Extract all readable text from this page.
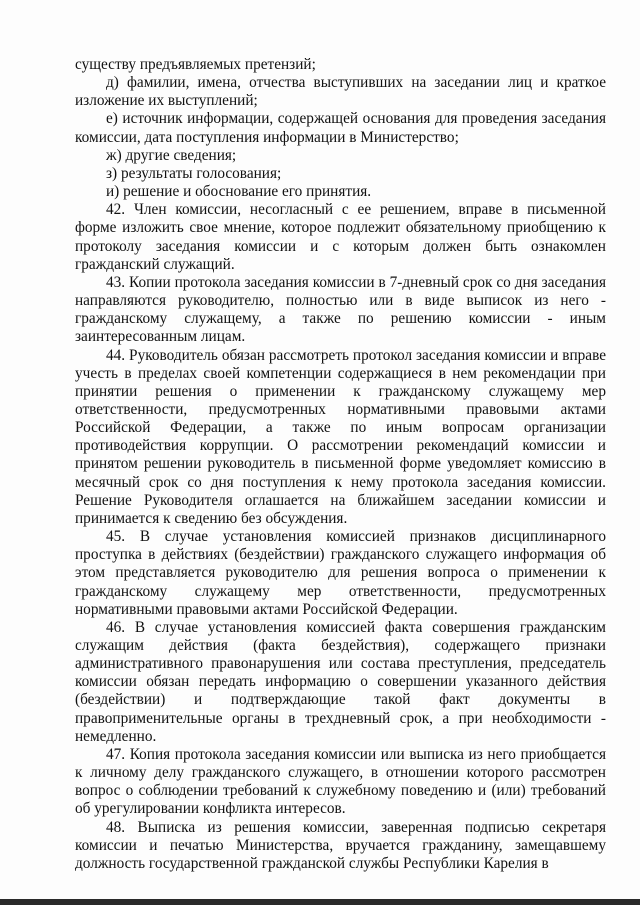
существу предъявляемых претензий;

д) фамилии, имена, отчества выступивших на заседании лиц и краткое изложение их выступлений;

е) источник информации, содержащей основания для проведения заседания комиссии, дата поступления информации в Министерство;

ж) другие сведения;

з) результаты голосования;

и) решение и обоснование его принятия.

42. Член комиссии, несогласный с ее решением, вправе в письменной форме изложить свое мнение, которое подлежит обязательному приобщению к протоколу заседания комиссии и с которым должен быть ознакомлен гражданский служащий.

43. Копии протокола заседания комиссии в 7-дневный срок со дня заседания направляются руководителю, полностью или в виде выписок из него - гражданскому служащему, а также по решению комиссии - иным заинтересованным лицам.

44. Руководитель обязан рассмотреть протокол заседания комиссии и вправе учесть в пределах своей компетенции содержащиеся в нем рекомендации при принятии решения о применении к гражданскому служащему мер ответственности, предусмотренных нормативными правовыми актами Российской Федерации, а также по иным вопросам организации противодействия коррупции. О рассмотрении рекомендаций комиссии и принятом решении руководитель в письменной форме уведомляет комиссию в месячный срок со дня поступления к нему протокола заседания комиссии. Решение Руководителя оглашается на ближайшем заседании комиссии и принимается к сведению без обсуждения.

45. В случае установления комиссией признаков дисциплинарного проступка в действиях (бездействии) гражданского служащего информация об этом представляется руководителю для решения вопроса о применении к гражданскому служащему мер ответственности, предусмотренных нормативными правовыми актами Российской Федерации.

46. В случае установления комиссией факта совершения гражданским служащим действия (факта бездействия), содержащего признаки административного правонарушения или состава преступления, председатель комиссии обязан передать информацию о совершении указанного действия (бездействии) и подтверждающие такой факт документы в правоприменительные органы в трехдневный срок, а при необходимости - немедленно.

47. Копия протокола заседания комиссии или выписка из него приобщается к личному делу гражданского служащего, в отношении которого рассмотрен вопрос о соблюдении требований к служебному поведению и (или) требований об урегулировании конфликта интересов.

48. Выписка из решения комиссии, заверенная подписью секретаря комиссии и печатью Министерства, вручается гражданину, замещавшему должность государственной гражданской службы Республики Карелия в
